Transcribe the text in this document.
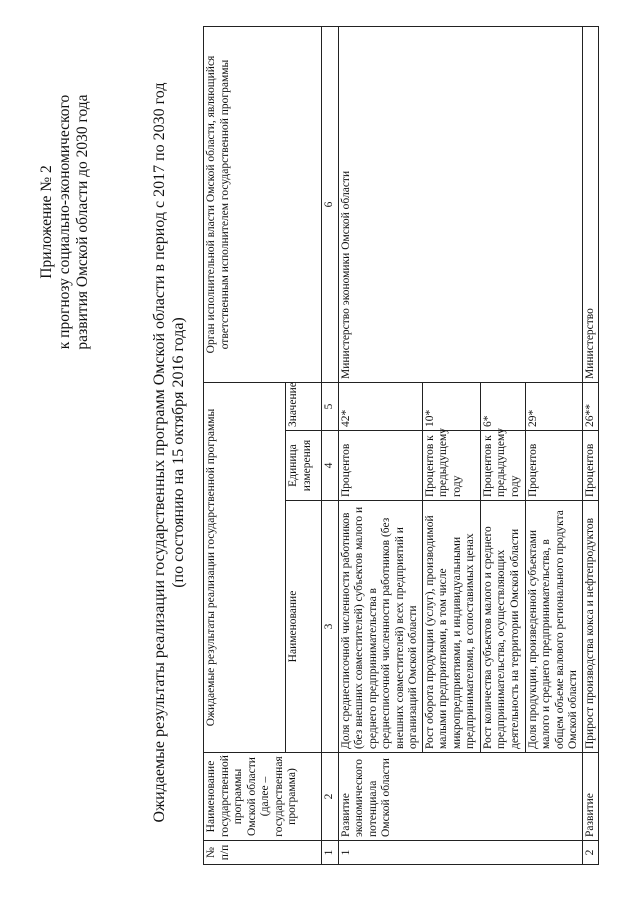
Приложение № 2 к прогнозу социально-экономического развития Омской области до 2030 года	Ожидаемые результаты реализации государственных программ Омской области в период с 2017 по 2030 год (по состоянию на 15 октября 2016 года)
№ п/п	Наименование государственной программы Омской области (далее – государственная программа)	Ожидаемые результаты реализации государственной программы			Орган исполнительной власти Омской области, являющийся ответственным исполнителем государственной программы
		Наименование	Единица измерения	Значение	
1	2	3	4	5	6
1	Развитие экономического потенциала Омской области	Доля среднесписочной численности работников (без внешних совместителей) субъектов малого и среднего предпринимательства в среднесписочной численности работников (без внешних совместителей) всех предприятий и организаций Омской области	Процентов	42*	Министерство экономики Омской области
		Рост оборота продукции (услуг), производимой малыми предприятиями, в том числе микропредприятиями, и индивидуальными предпринимателями, в сопоставимых ценах	Процентов к предыдущему году	10*	
		Рост количества субъектов малого и среднего предпринимательства, осуществляющих деятельность на территории Омской области	Процентов к предыдущему году	6*	
		Доля продукции, произведенной субъектами малого и среднего предпринимательства, в общем объеме валового регионального продукта Омской области	Процентов	29*	
2	Развитие	Прирост производства кокса и нефтепродуктов	Процентов	26**	Министерство
